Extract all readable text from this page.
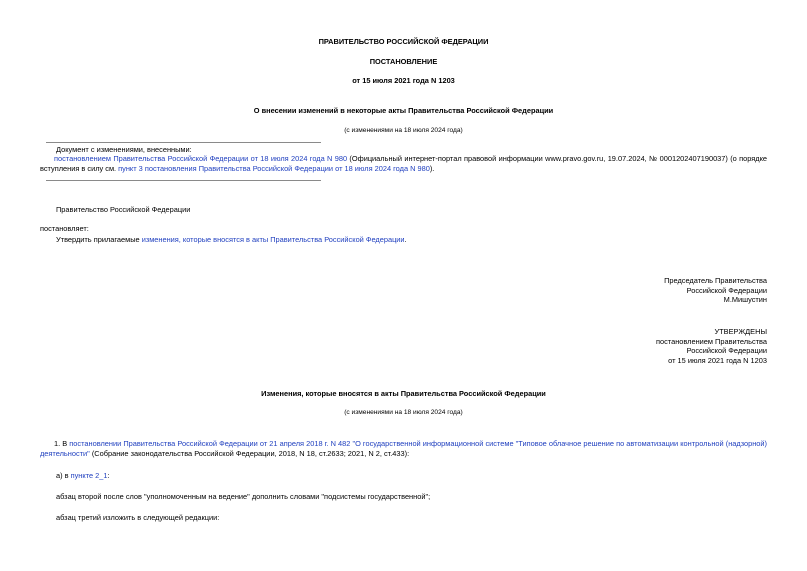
ПРАВИТЕЛЬСТВО РОССИЙСКОЙ ФЕДЕРАЦИИ
ПОСТАНОВЛЕНИЕ
от 15 июля 2021 года N 1203
О внесении изменений в некоторые акты Правительства Российской Федерации
(с изменениями на 18 июля 2024 года)
Документ с изменениями, внесенными:
постановлением Правительства Российской Федерации от 18 июля 2024 года N 980 (Официальный интернет-портал правовой информации www.pravo.gov.ru, 19.07.2024, № 0001202407190037) (о порядке вступления в силу см. пункт 3 постановления Правительства Российской Федерации от 18 июля 2024 года N 980).
Правительство Российской Федерации
постановляет:
Утвердить прилагаемые изменения, которые вносятся в акты Правительства Российской Федерации.
Председатель Правительства
Российской Федерации
М.Мишустин
УТВЕРЖДЕНЫ
постановлением Правительства
Российской Федерации
от 15 июля 2021 года N 1203
Изменения, которые вносятся в акты Правительства Российской Федерации
(с изменениями на 18 июля 2024 года)
1. В постановлении Правительства Российской Федерации от 21 апреля 2018 г. N 482 "О государственной информационной системе "Типовое облачное решение по автоматизации контрольной (надзорной) деятельности" (Собрание законодательства Российской Федерации, 2018, N 18, ст.2633; 2021, N 2, ст.433):
а) в пункте 2_1:
абзац второй после слов "уполномоченным на ведение" дополнить словами "подсистемы государственной";
абзац третий изложить в следующей редакции:
